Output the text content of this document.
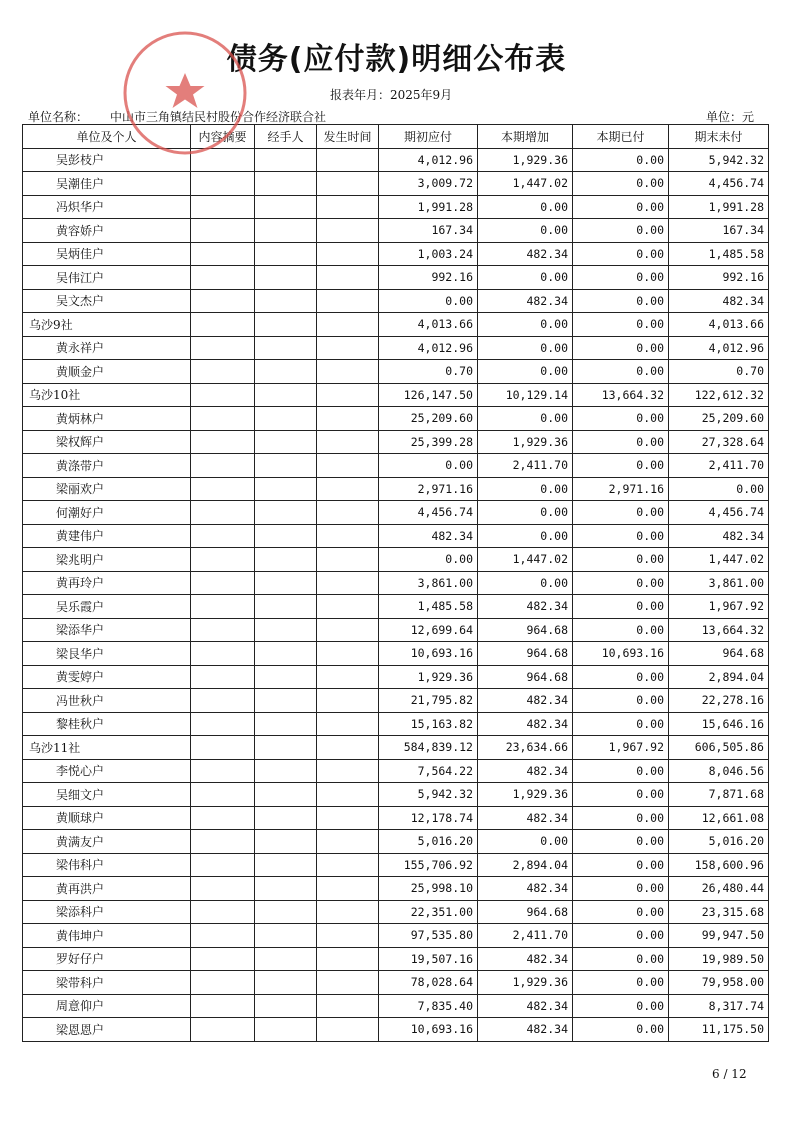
债务(应付款)明细公布表
报表年月：2025年9月
单位名称： 中山市三角镇结民村股份合作经济联合社	单位：元
单位及个人	内容摘要	经手人	发生时间	期初应付	本期增加	本期已付	期末未付
吴彭枝户				4,012.96	1,929.36	0.00	5,942.32
吴潮佳户				3,009.72	1,447.02	0.00	4,456.74
冯炽华户				1,991.28	0.00	0.00	1,991.28
黄容娇户				167.34	0.00	0.00	167.34
吴炳佳户				1,003.24	482.34	0.00	1,485.58
吴伟江户				992.16	0.00	0.00	992.16
吴文杰户				0.00	482.34	0.00	482.34
乌沙9社				4,013.66	0.00	0.00	4,013.66
黄永祥户				4,012.96	0.00	0.00	4,012.96
黄顺金户				0.70	0.00	0.00	0.70
乌沙10社				126,147.50	10,129.14	13,664.32	122,612.32
黄炳林户				25,209.60	0.00	0.00	25,209.60
梁权辉户				25,399.28	1,929.36	0.00	27,328.64
黄涤带户				0.00	2,411.70	0.00	2,411.70
梁丽欢户				2,971.16	0.00	2,971.16	0.00
何潮好户				4,456.74	0.00	0.00	4,456.74
黄建伟户				482.34	0.00	0.00	482.34
梁兆明户				0.00	1,447.02	0.00	1,447.02
黄再玲户				3,861.00	0.00	0.00	3,861.00
吴乐霞户				1,485.58	482.34	0.00	1,967.92
梁添华户				12,699.64	964.68	0.00	13,664.32
梁艮华户				10,693.16	964.68	10,693.16	964.68
黄雯婷户				1,929.36	964.68	0.00	2,894.04
冯世秋户				21,795.82	482.34	0.00	22,278.16
黎桂秋户				15,163.82	482.34	0.00	15,646.16
乌沙11社				584,839.12	23,634.66	1,967.92	606,505.86
李悦心户				7,564.22	482.34	0.00	8,046.56
吴细文户				5,942.32	1,929.36	0.00	7,871.68
黄顺球户				12,178.74	482.34	0.00	12,661.08
黄满友户				5,016.20	0.00	0.00	5,016.20
梁伟科户				155,706.92	2,894.04	0.00	158,600.96
黄再洪户				25,998.10	482.34	0.00	26,480.44
梁添科户				22,351.00	964.68	0.00	23,315.68
黄伟坤户				97,535.80	2,411.70	0.00	99,947.50
罗好仔户				19,507.16	482.34	0.00	19,989.50
梁带科户				78,028.64	1,929.36	0.00	79,958.00
周意仰户				7,835.40	482.34	0.00	8,317.74
梁恩恩户				10,693.16	482.34	0.00	11,175.50
6 / 12
